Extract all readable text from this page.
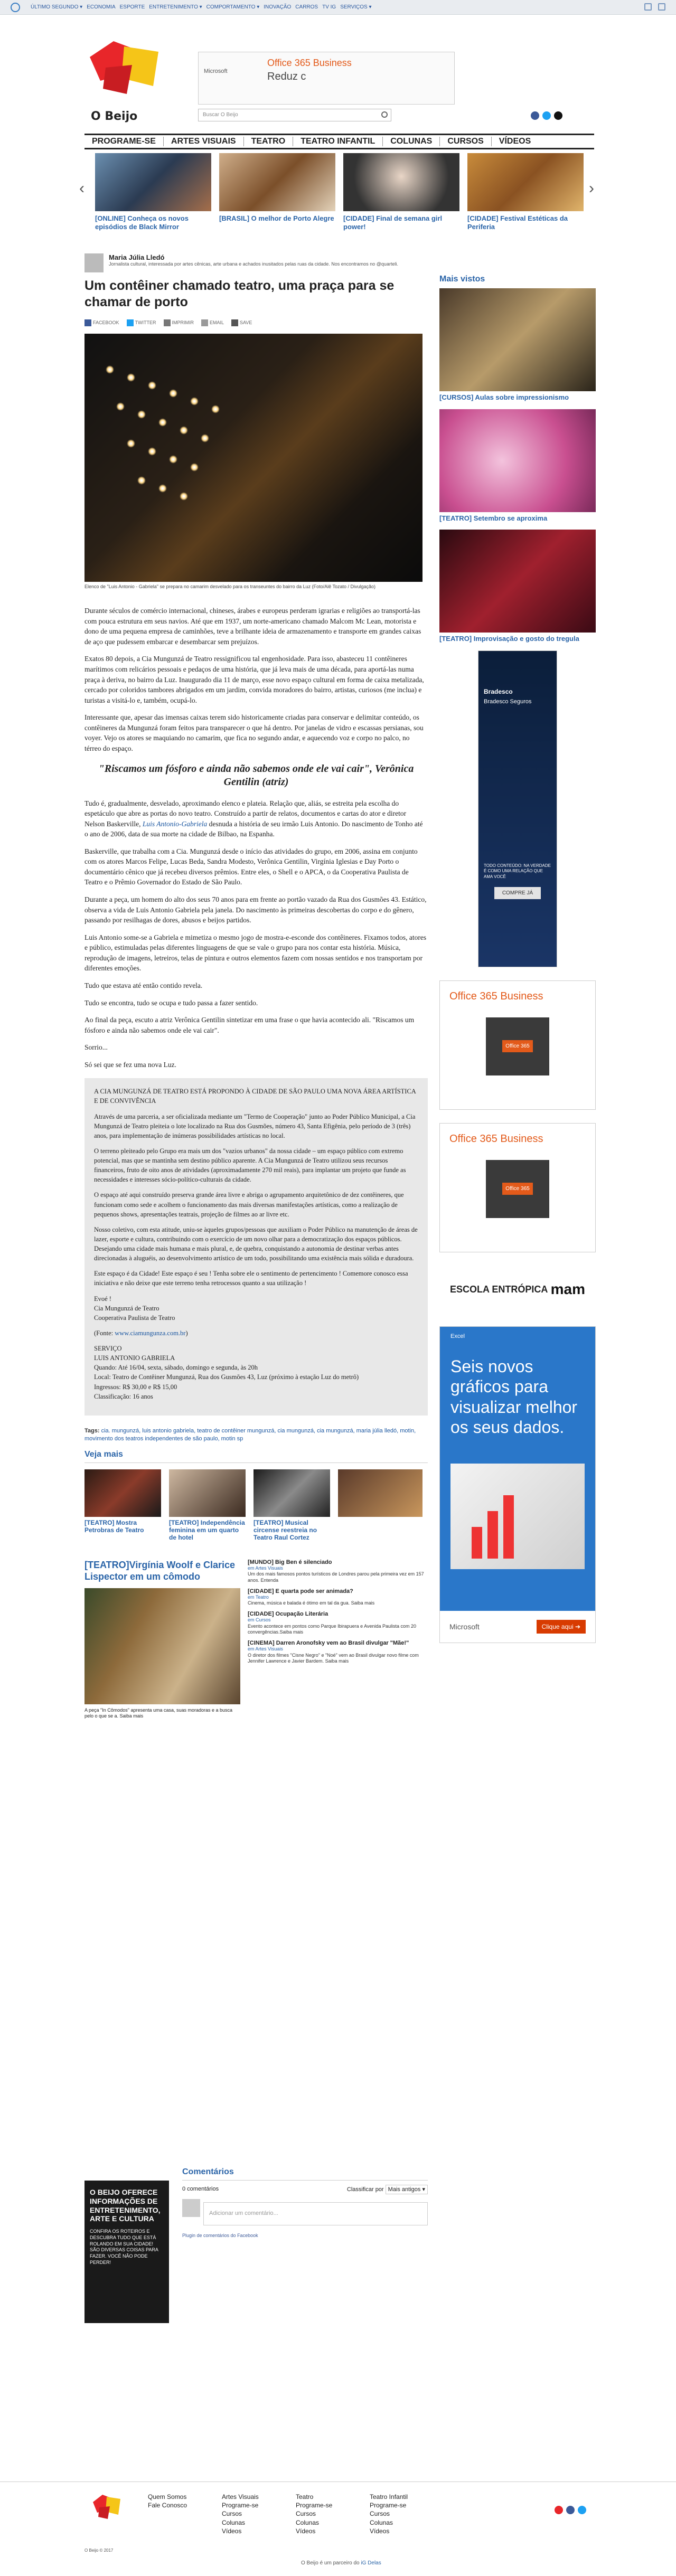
ÚLTIMO SEGUNDO ▾ ECONOMIA ESPORTE ENTRETENIMENTO ▾ COMPORTAMENTO ▾ INOVAÇÃO CARROS TV IG SERVIÇOS ▾
O Beijo
Microsoft
Office 365 Business
Reduz c
Buscar O Beijo
PROGRAME-SE	ARTES VISUAIS	TEATRO	TEATRO INFANTIL	COLUNAS	CURSOS	VÍDEOS
‹
[ONLINE] Conheça os novos episódios de Black Mirror
[BRASIL] O melhor de Porto Alegre [CIDADE] Final de semana girl power!
[CIDADE] Festival Estéticas da Periferia
›
Maria Júlia Lledó
Jornalista cultural, interessada por artes cênicas, arte urbana e achados inusitados pelas ruas da cidade. Nos encontramos no @quarteli.
Um contêiner chamado teatro, uma praça para se chamar de porto
FACEBOOK	TWITTER	IMPRIMIR	EMAIL	SAVE
Elenco de "Luis Antonio - Gabriela" se prepara no camarim desvelado para os transeuntes do bairro da Luz (Foto/Alê Tozato / Divulgação)

Durante séculos de comércio internacional, chineses, árabes e europeus perderam igrarias e religiões ao transportá-las com pouca estrutura em seus navios. Até que em 1937, um norte-americano chamado Malcom Mc Lean, motorista e dono de uma pequena empresa de caminhões, teve a brilhante ideia de armazenamento e transporte em grandes caixas de aço que pudessem embarcar e desembarcar sem prejuízos.

Exatos 80 depois, a Cia Mungunzá de Teatro ressignificou tal engenhosidade. Para isso, abasteceu 11 contêineres marítimos com relicários pessoais e pedaços de uma história, que já leva mais de uma década, para aportá-las numa praça à deriva, no bairro da Luz. Inaugurado dia 11 de março, esse novo espaço cultural em forma de caixa metalizada, cercado por coloridos tambores abrigados em um jardim, convida moradores do bairro, artistas, curiosos (me inclua) e turistas a visitá-lo e, também, ocupá-lo.

Interessante que, apesar das imensas caixas terem sido historicamente criadas para conservar e delimitar conteúdo, os contêineres da Mungunzá foram feitos para transparecer o que há dentro. Por janelas de vidro e escassas persianas, sou voyer. Vejo os atores se maquiando no camarim, que fica no segundo andar, e aquecendo voz e corpo no palco, no térreo do espaço.

"Riscamos um fósforo e ainda não sabemos onde ele vai cair", Verônica Gentilin (atriz)

Tudo é, gradualmente, desvelado, aproximando elenco e plateia. Relação que, aliás, se estreita pela escolha do espetáculo que abre as portas do novo teatro. Construído a partir de relatos, documentos e cartas do ator e diretor Nelson Baskerville, Luis Antonio-Gabriela desnuda a história de seu irmão Luis Antonio. Do nascimento de Tonho até o ano de 2006, data de sua morte na cidade de Bilbao, na Espanha.

Baskerville, que trabalha com a Cia. Mungunzá desde o início das atividades do grupo, em 2006, assina em conjunto com os atores Marcos Felipe, Lucas Beda, Sandra Modesto, Verônica Gentilin, Virgínia Iglesias e Day Porto o documentário cênico que já recebeu diversos prêmios. Entre eles, o Shell e o APCA, o da Cooperativa Paulista de Teatro e o Prêmio Governador do Estado de São Paulo.

Durante a peça, um homem do alto dos seus 70 anos para em frente ao portão vazado da Rua dos Gusmões 43. Estático, observa a vida de Luis Antonio Gabriela pela janela. Do nascimento às primeiras descobertas do corpo e do gênero, passando por resilhagas de dores, abusos e beijos partidos.

Luis Antonio some-se a Gabriela e mimetiza o mesmo jogo de mostra-e-esconde dos contêineres. Fixamos todos, atores e público, estimuladas pelas diferentes linguagens de que se vale o grupo para nos contar esta história. Música, reprodução de imagens, letreiros, telas de pintura e outros elementos fazem com nossas sentidos e nos transportam por diferentes emoções.

Tudo que estava até então contido revela.

Tudo se encontra, tudo se ocupa e tudo passa a fazer sentido.

Ao final da peça, escuto a atriz Verônica Gentilin sintetizar em uma frase o que havia acontecido ali. "Riscamos um fósforo e ainda não sabemos onde ele vai cair".

Sorrio...

Só sei que se fez uma nova Luz.

A CIA MUNGUNZÁ DE TEATRO ESTÁ PROPONDO À CIDADE DE SÃO PAULO UMA NOVA ÁREA ARTÍSTICA E DE CONVIVÊNCIA

Através de uma parceria, a ser oficializada mediante um "Termo de Cooperação" junto ao Poder Público Municipal, a Cia Mungunzá de Teatro pleiteia o lote localizado na Rua dos Gusmões, número 43, Santa Efigênia, pelo período de 3 (três) anos, para implementação de inúmeras possibilidades artísticas no local.

O terreno pleiteado pelo Grupo era mais um dos "vazios urbanos" da nossa cidade – um espaço público com extremo potencial, mas que se mantinha sem destino público aparente. A Cia Mungunzá de Teatro utilizou seus recursos financeiros, fruto de oito anos de atividades (aproximadamente 270 mil reais), para implantar um projeto que funde as necessidades e interesses sócio-político-culturais da cidade.

O espaço até aqui construído preserva grande área livre e abriga o agrupamento arquitetônico de dez contêineres, que funcionam como sede e acolhem o funcionamento das mais diversas manifestações artísticas, como a realização de pequenos shows, apresentações teatrais, projeção de filmes ao ar livre etc.

Nosso coletivo, com esta atitude, uniu-se àqueles grupos/pessoas que auxiliam o Poder Público na manutenção de áreas de lazer, esporte e cultura, contribuindo com o exercício de um novo olhar para a democratização dos espaços públicos. Desejando uma cidade mais humana e mais plural, e, de quebra, conquistando a autonomia de destinar verbas antes direcionadas à aluguéis, ao desenvolvimento artístico de um todo, possibilitando uma existência mais sólida e duradoura.

Este espaço é da Cidade! Este espaço é seu ! Tenha sobre ele o sentimento de pertencimento ! Comemore conosco essa iniciativa e não deixe que este terreno tenha retrocessos quanto a sua utilização !

Evoé !
Cia Mungunzá de Teatro
Cooperativa Paulista de Teatro

(Fonte: www.ciamungunza.com.br)

SERVIÇO
LUIS ANTONIO GABRIELA
Quando: Até 16/04, sexta, sábado, domingo e segunda, às 20h
Local: Teatro de Contêiner Mungunzá, Rua dos Gusmões 43, Luz (próximo à estação Luz do metrô)
Ingressos: R$ 30,00 e R$ 15,00
Classificação: 16 anos

Tags: cia. mungunzá, luis antonio gabriela, teatro de contêiner mungunzá, cia mungunzá, cia mungunzá, maria júlia lledó, motin, movimento dos teatros independentes de são paulo, motin sp
Veja mais
[TEATRO] Mostra Petrobras de Teatro
[TEATRO] Independência feminina em um quarto de hotel
[TEATRO] Musical circense reestreia no Teatro Raul Cortez
[TEATRO]Virgínia Woolf e Clarice Lispector em um cômodo
A peça "In Cômodos" apresenta uma casa, suas moradoras e a busca pelo o que se a. Saiba mais
[MUNDO] Big Ben é silenciado
em Artes Visuais
Um dos mais famosos pontos turísticos de Londres parou pela primeira vez em 157 anos. Entenda
[CIDADE] E quarta pode ser animada?
em Teatro
Cinema, música e balada é ótimo em tal da gua. Saiba mais
[CIDADE] Ocupação Literária
em Cursos
Evento acontece em pontos como Parque Ibirapuera e Avenida Paulista com 20 convergências.Saiba mais
[CINEMA] Darren Aronofsky vem ao Brasil divulgar "Mãe!"
em Artes Visuais
O diretor dos filmes "Cisne Negro" e "Noé" vem ao Brasil divulgar novo filme com Jennifer Lawrence e Javier Bardem. Saiba mais
Mais vistos
[CURSOS] Aulas sobre impressionismo
[TEATRO] Setembro se aproxima
[TEATRO] Improvisação e gosto do tregula
Bradesco
Bradesco Seguros
TODO CONTEÚDO: NA VERDADE É COMO UMA RELAÇÃO QUE AMA VOCÊ
COMPRE JÁ
Office 365 Business
Office 365
Office 365 Business
Office 365
ESCOLA ENTRÓPICA mam
Excel
Seis novos gráficos para visualizar melhor os seus dados.
Microsoft	Clique aqui ➔
O BEIJO OFERECE INFORMAÇÕES DE ENTRETENIMENTO, ARTE E CULTURA
CONFIRA OS ROTEIROS E DESCUBRA TUDO QUE ESTÁ ROLANDO EM SUA CIDADE! SÃO DIVERSAS COISAS PARA FAZER. VOCÊ NÃO PODE PERDER!
Comentários
0 comentários	Classificar por Mais antigos ▾
Adicionar um comentário...
Plugin de comentários do Facebook
Quem Somos
Fale Conosco
Artes Visuais
Programe-se
Cursos
Colunas
Vídeos
Teatro
Programe-se
Cursos
Colunas
Vídeos
Teatro Infantil
Programe-se
Cursos
Colunas
Vídeos
O Beijo © 2017
O Beijo é um parceiro do iG Delas
